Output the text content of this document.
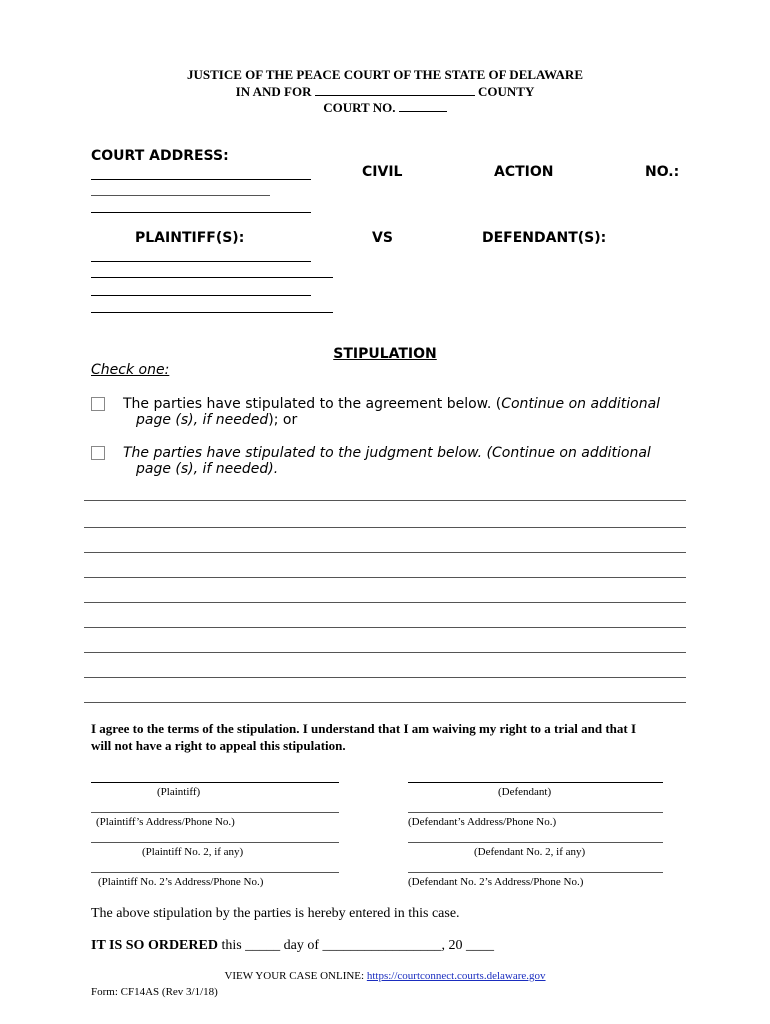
JUSTICE OF THE PEACE COURT OF THE STATE OF DELAWARE
IN AND FOR	COUNTY
COURT NO.
COURT ADDRESS:
CIVIL	ACTION	NO.:
PLAINTIFF(S):	VS	DEFENDANT(S):
STIPULATION
Check one:
The parties have stipulated to the agreement below. (Continue on additional
page (s), if needed); or
The parties have stipulated to the judgment below. (Continue on additional
page (s), if needed).
I agree to the terms of the stipulation. I understand that I am waiving my right to a trial and that I
will not have a right to appeal this stipulation.
(Plaintiff)	(Defendant)
(Plaintiff’s Address/Phone No.)	(Defendant’s Address/Phone No.)
(Plaintiff No. 2, if any)	(Defendant No. 2, if any)
(Plaintiff No. 2’s Address/Phone No.)	(Defendant No. 2’s Address/Phone No.)
The above stipulation by the parties is hereby entered in this case.
IT IS SO ORDERED this _____ day of _________________, 20 ____
VIEW YOUR CASE ONLINE: https://courtconnect.courts.delaware.gov
Form: CF14AS (Rev 3/1/18)
